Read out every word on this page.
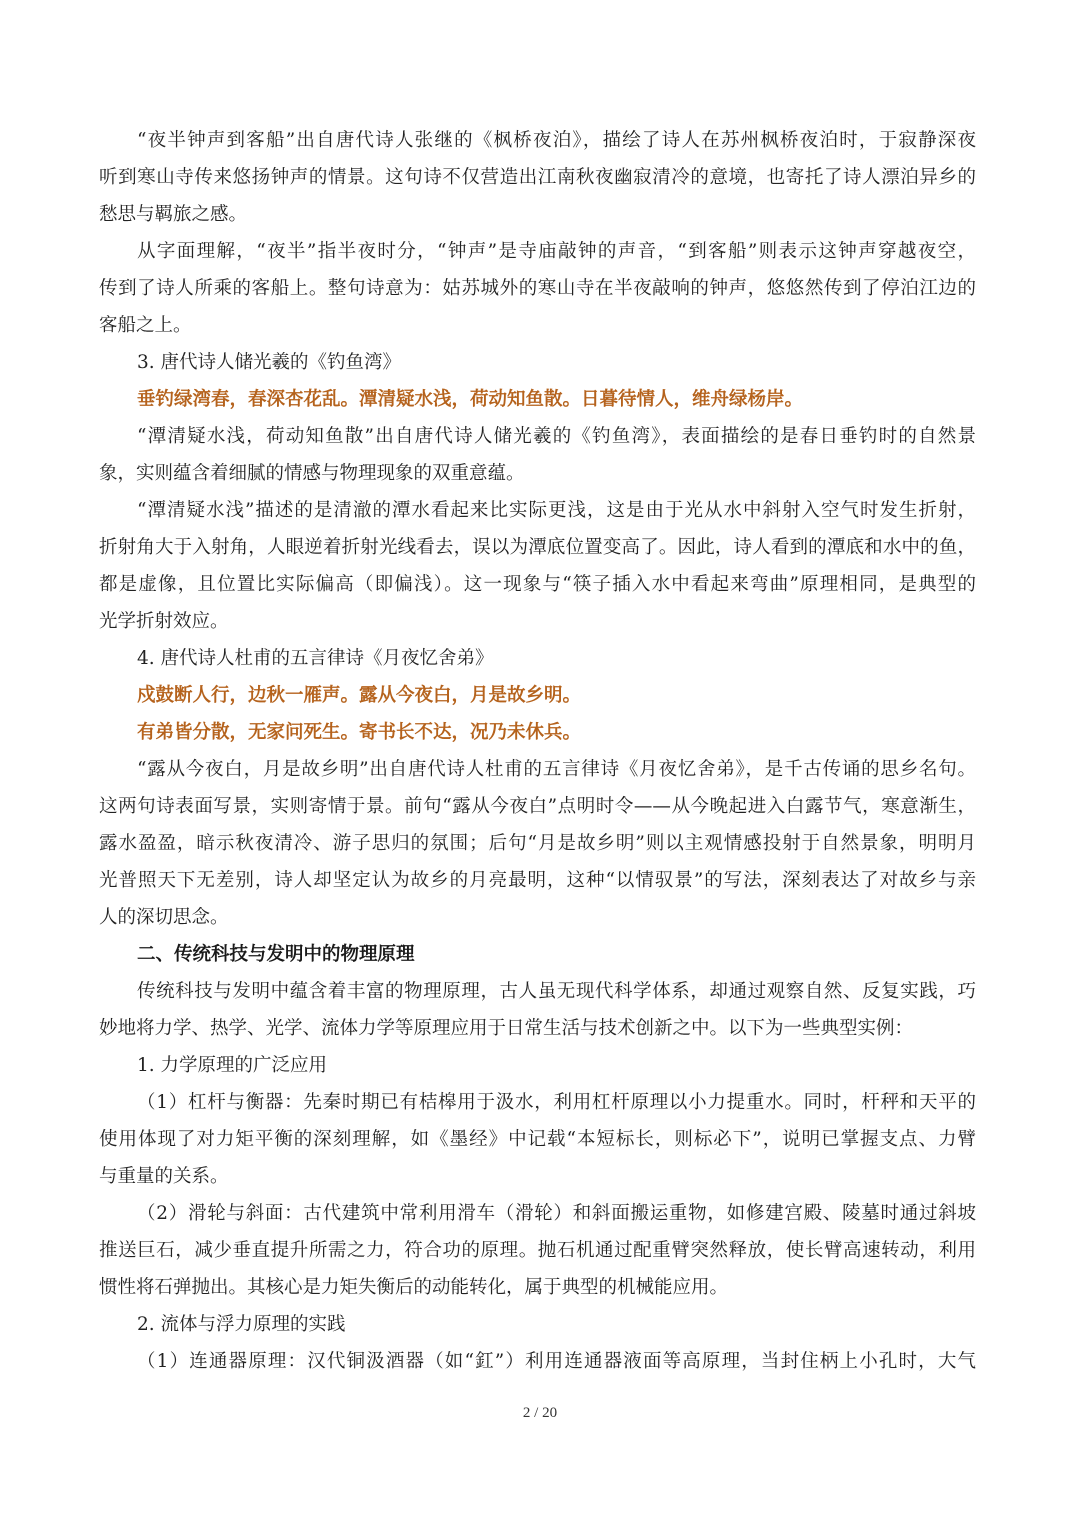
“夜半钟声到客船”出自唐代诗人张继的《枫桥夜泊》，描绘了诗人在苏州枫桥夜泊时，于寂静深夜
听到寒山寺传来悠扬钟声的情景。这句诗不仅营造出江南秋夜幽寂清冷的意境，也寄托了诗人漂泊异乡的
愁思与羁旅之感。
从字面理解，“夜半”指半夜时分，“钟声”是寺庙敲钟的声音，“到客船”则表示这钟声穿越夜空，
传到了诗人所乘的客船上。整句诗意为：姑苏城外的寒山寺在半夜敲响的钟声，悠悠然传到了停泊江边的
客船之上。
3. 唐代诗人储光羲的《钓鱼湾》
垂钓绿湾春，春深杏花乱。潭清疑水浅，荷动知鱼散。日暮待情人，维舟绿杨岸。
“潭清疑水浅，荷动知鱼散”出自唐代诗人储光羲的《钓鱼湾》，表面描绘的是春日垂钓时的自然景
象，实则蕴含着细腻的情感与物理现象的双重意蕴。
“潭清疑水浅”描述的是清澈的潭水看起来比实际更浅，这是由于光从水中斜射入空气时发生折射，
折射角大于入射角，人眼逆着折射光线看去，误以为潭底位置变高了。因此，诗人看到的潭底和水中的鱼，
都是虚像，且位置比实际偏高（即偏浅）。这一现象与“筷子插入水中看起来弯曲”原理相同，是典型的
光学折射效应。
4. 唐代诗人杜甫的五言律诗《月夜忆舍弟》
戍鼓断人行，边秋一雁声。露从今夜白，月是故乡明。
有弟皆分散，无家问死生。寄书长不达，况乃未休兵。
“露从今夜白，月是故乡明”出自唐代诗人杜甫的五言律诗《月夜忆舍弟》，是千古传诵的思乡名句。
这两句诗表面写景，实则寄情于景。前句“露从今夜白”点明时令——从今晚起进入白露节气，寒意渐生，
露水盈盈，暗示秋夜清冷、游子思归的氛围；后句“月是故乡明”则以主观情感投射于自然景象，明明月
光普照天下无差别，诗人却坚定认为故乡的月亮最明，这种“以情驭景”的写法，深刻表达了对故乡与亲
人的深切思念。
二、传统科技与发明中的物理原理
传统科技与发明中蕴含着丰富的物理原理，古人虽无现代科学体系，却通过观察自然、反复实践，巧
妙地将力学、热学、光学、流体力学等原理应用于日常生活与技术创新之中。以下为一些典型实例：
1. 力学原理的广泛应用
（1）杠杆与衡器：先秦时期已有桔槔用于汲水，利用杠杆原理以小力提重水。同时，杆秤和天平的
使用体现了对力矩平衡的深刻理解，如《墨经》中记载“本短标长，则标必下”，说明已掌握支点、力臂
与重量的关系。
（2）滑轮与斜面：古代建筑中常利用滑车（滑轮）和斜面搬运重物，如修建宫殿、陵墓时通过斜坡
推送巨石，减少垂直提升所需之力，符合功的原理。抛石机通过配重臂突然释放，使长臂高速转动，利用
惯性将石弹抛出。其核心是力矩失衡后的动能转化，属于典型的机械能应用。
2. 流体与浮力原理的实践
（1）连通器原理：汉代铜汲酒器（如“釭”）利用连通器液面等高原理，当封住柄上小孔时，大气
2 / 20
